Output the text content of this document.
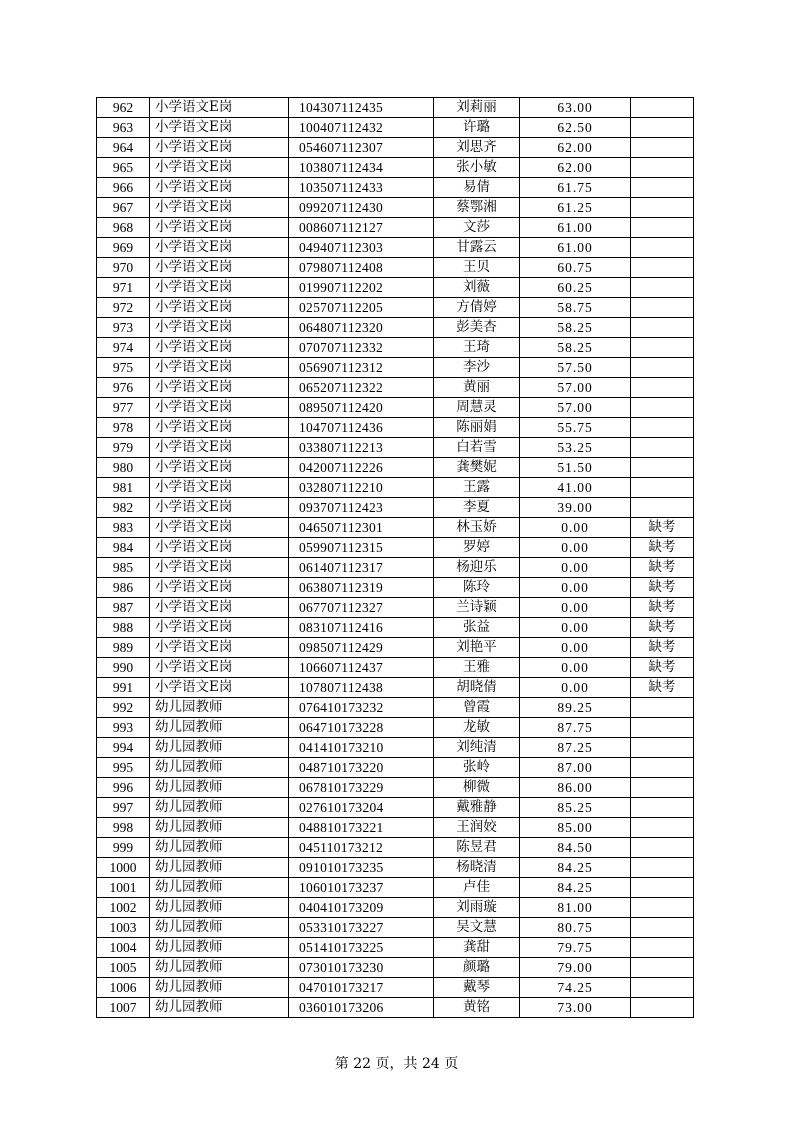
962	小学语文E岗	104307112435	刘莉丽	63.00	
963	小学语文E岗	100407112432	许璐	62.50	
964	小学语文E岗	054607112307	刘思齐	62.00	
965	小学语文E岗	103807112434	张小敏	62.00	
966	小学语文E岗	103507112433	易倩	61.75	
967	小学语文E岗	099207112430	蔡鄂湘	61.25	
968	小学语文E岗	008607112127	文莎	61.00	
969	小学语文E岗	049407112303	甘露云	61.00	
970	小学语文E岗	079807112408	王贝	60.75	
971	小学语文E岗	019907112202	刘薇	60.25	
972	小学语文E岗	025707112205	方倩婷	58.75	
973	小学语文E岗	064807112320	彭美杏	58.25	
974	小学语文E岗	070707112332	王琦	58.25	
975	小学语文E岗	056907112312	李沙	57.50	
976	小学语文E岗	065207112322	黄丽	57.00	
977	小学语文E岗	089507112420	周慧灵	57.00	
978	小学语文E岗	104707112436	陈丽娟	55.75	
979	小学语文E岗	033807112213	白若雪	53.25	
980	小学语文E岗	042007112226	龚樊妮	51.50	
981	小学语文E岗	032807112210	王露	41.00	
982	小学语文E岗	093707112423	李夏	39.00	
983	小学语文E岗	046507112301	林玉娇	0.00	缺考
984	小学语文E岗	059907112315	罗婷	0.00	缺考
985	小学语文E岗	061407112317	杨迎乐	0.00	缺考
986	小学语文E岗	063807112319	陈玲	0.00	缺考
987	小学语文E岗	067707112327	兰诗颖	0.00	缺考
988	小学语文E岗	083107112416	张益	0.00	缺考
989	小学语文E岗	098507112429	刘艳平	0.00	缺考
990	小学语文E岗	106607112437	王雅	0.00	缺考
991	小学语文E岗	107807112438	胡晓倩	0.00	缺考
992	幼儿园教师	076410173232	曾霞	89.25	
993	幼儿园教师	064710173228	龙敏	87.75	
994	幼儿园教师	041410173210	刘纯清	87.25	
995	幼儿园教师	048710173220	张岭	87.00	
996	幼儿园教师	067810173229	柳微	86.00	
997	幼儿园教师	027610173204	戴雅静	85.25	
998	幼儿园教师	048810173221	王润姣	85.00	
999	幼儿园教师	045110173212	陈昱君	84.50	
1000	幼儿园教师	091010173235	杨晓清	84.25	
1001	幼儿园教师	106010173237	卢佳	84.25	
1002	幼儿园教师	040410173209	刘雨璇	81.00	
1003	幼儿园教师	053310173227	吴文慧	80.75	
1004	幼儿园教师	051410173225	龚甜	79.75	
1005	幼儿园教师	073010173230	颜璐	79.00	
1006	幼儿园教师	047010173217	戴琴	74.25	
1007	幼儿园教师	036010173206	黄铭	73.00	
第 22 页，共 24 页
